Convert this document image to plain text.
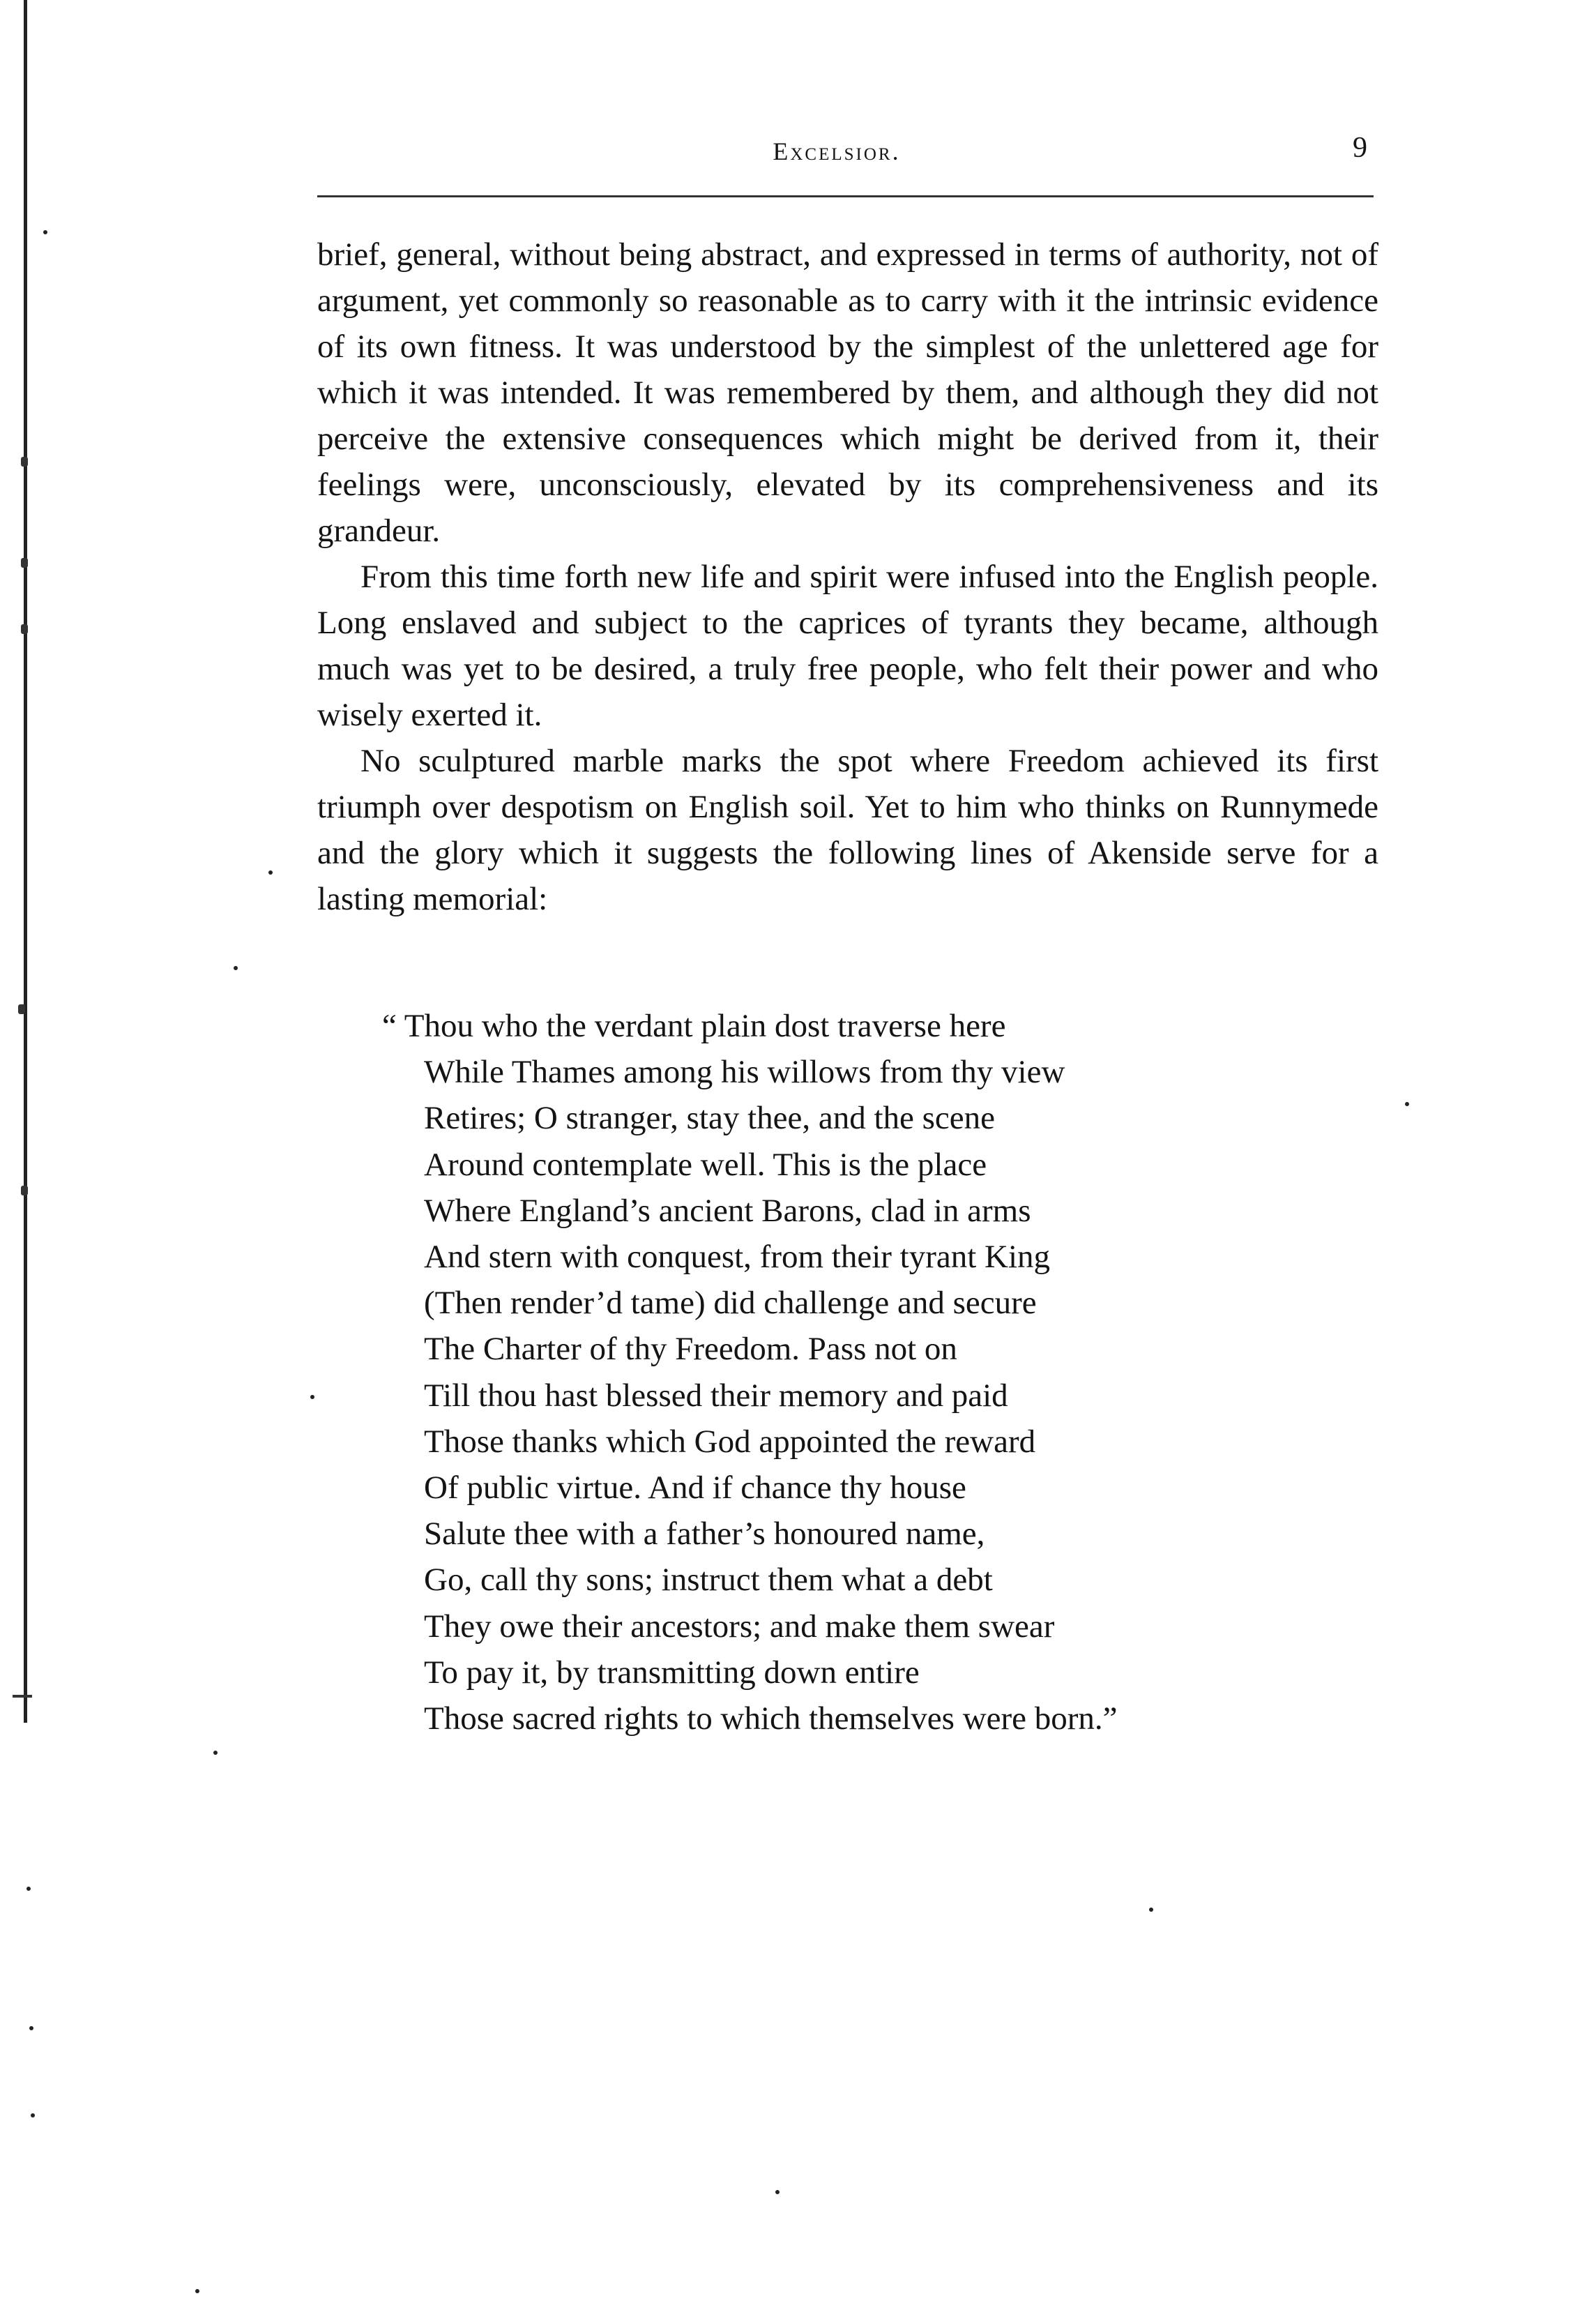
Excelsior.	9

brief, general, without being abstract, and expressed in terms of authority, not of argument, yet commonly so reasonable as to carry with it the intrinsic evidence of its own fitness. It was understood by the simplest of the unlettered age for which it was intended. It was remembered by them, and although they did not perceive the extensive consequences which might be derived from it, their feelings were, unconsciously, elevated by its comprehensiveness and its grandeur.

From this time forth new life and spirit were infused into the English people. Long enslaved and subject to the caprices of tyrants they became, although much was yet to be desired, a truly free people, who felt their power and who wisely exerted it.

No sculptured marble marks the spot where Freedom achieved its first triumph over despotism on English soil. Yet to him who thinks on Runnymede and the glory which it suggests the following lines of Akenside serve for a lasting memorial:

“ Thou who the verdant plain dost traverse here
While Thames among his willows from thy view
Retires; O stranger, stay thee, and the scene
Around contemplate well. This is the place
Where England’s ancient Barons, clad in arms
And stern with conquest, from their tyrant King
(Then render’d tame) did challenge and secure
The Charter of thy Freedom. Pass not on
Till thou hast blessed their memory and paid
Those thanks which God appointed the reward
Of public virtue. And if chance thy house
Salute thee with a father’s honoured name,
Go, call thy sons; instruct them what a debt
They owe their ancestors; and make them swear
To pay it, by transmitting down entire
Those sacred rights to which themselves were born.”
